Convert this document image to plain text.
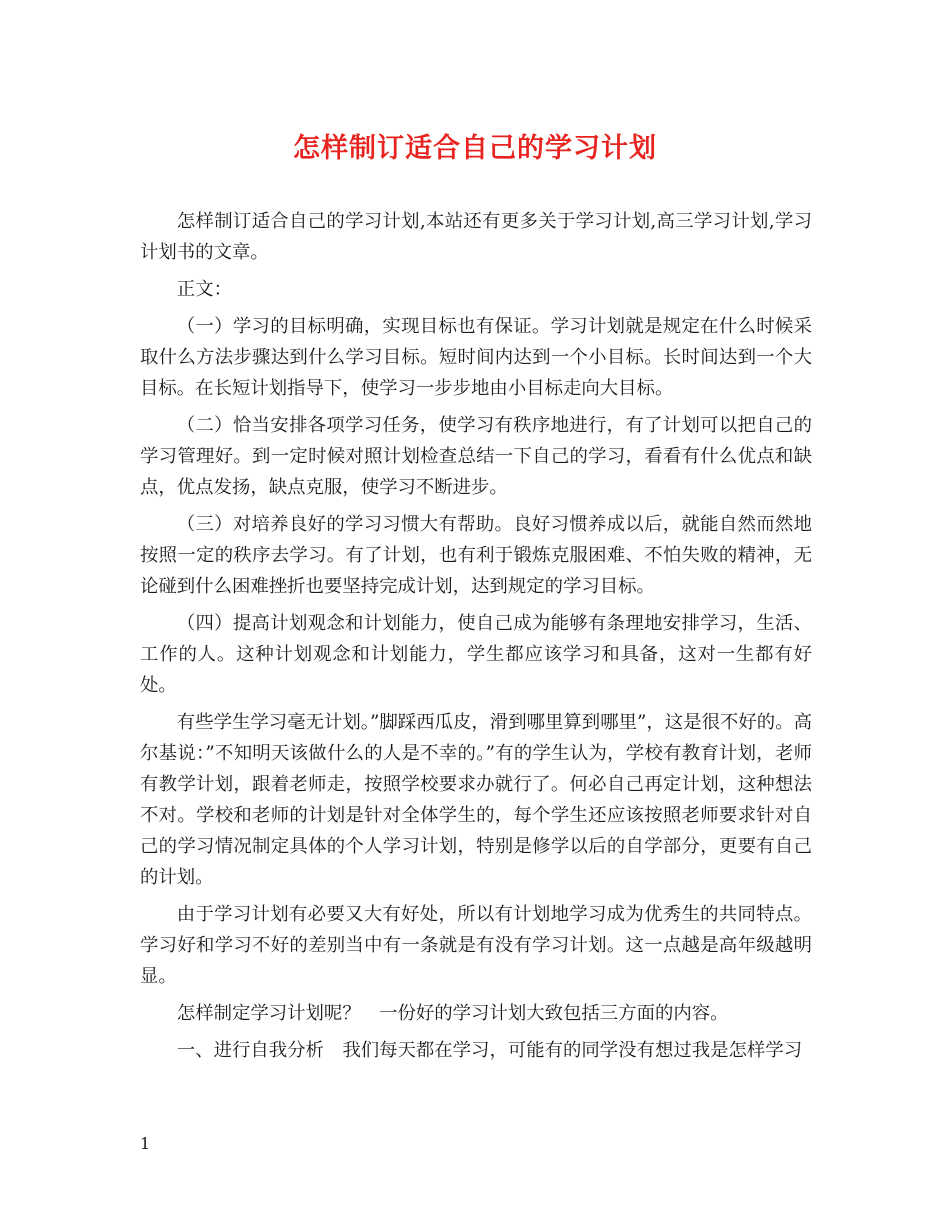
怎样制订适合自己的学习计划

怎样制订适合自己的学习计划,本站还有更多关于学习计划,高三学习计划,学习计划书的文章。

正文：

（一）学习的目标明确，实现目标也有保证。学习计划就是规定在什么时候采取什么方法步骤达到什么学习目标。短时间内达到一个小目标。长时间达到一个大目标。在长短计划指导下，使学习一步步地由小目标走向大目标。

（二）恰当安排各项学习任务，使学习有秩序地进行，有了计划可以把自己的学习管理好。到一定时候对照计划检查总结一下自己的学习，看看有什么优点和缺点，优点发扬，缺点克服，使学习不断进步。

（三）对培养良好的学习习惯大有帮助。良好习惯养成以后，就能自然而然地按照一定的秩序去学习。有了计划，也有利于锻炼克服困难、不怕失败的精神，无论碰到什么困难挫折也要坚持完成计划，达到规定的学习目标。

（四）提高计划观念和计划能力，使自己成为能够有条理地安排学习，生活、工作的人。这种计划观念和计划能力，学生都应该学习和具备，这对一生都有好处。

有些学生学习毫无计划。”脚踩西瓜皮，滑到哪里算到哪里”，这是很不好的。高尔基说：”不知明天该做什么的人是不幸的。”有的学生认为，学校有教育计划，老师有教学计划，跟着老师走，按照学校要求办就行了。何必自己再定计划，这种想法不对。学校和老师的计划是针对全体学生的，每个学生还应该按照老师要求针对自己的学习情况制定具体的个人学习计划，特别是修学以后的自学部分，更要有自己的计划。

由于学习计划有必要又大有好处，所以有计划地学习成为优秀生的共同特点。学习好和学习不好的差别当中有一条就是有没有学习计划。这一点越是高年级越明显。

怎样制定学习计划呢？　一份好的学习计划大致包括三方面的内容。

一、进行自我分析　我们每天都在学习，可能有的同学没有想过我是怎样学习

1
